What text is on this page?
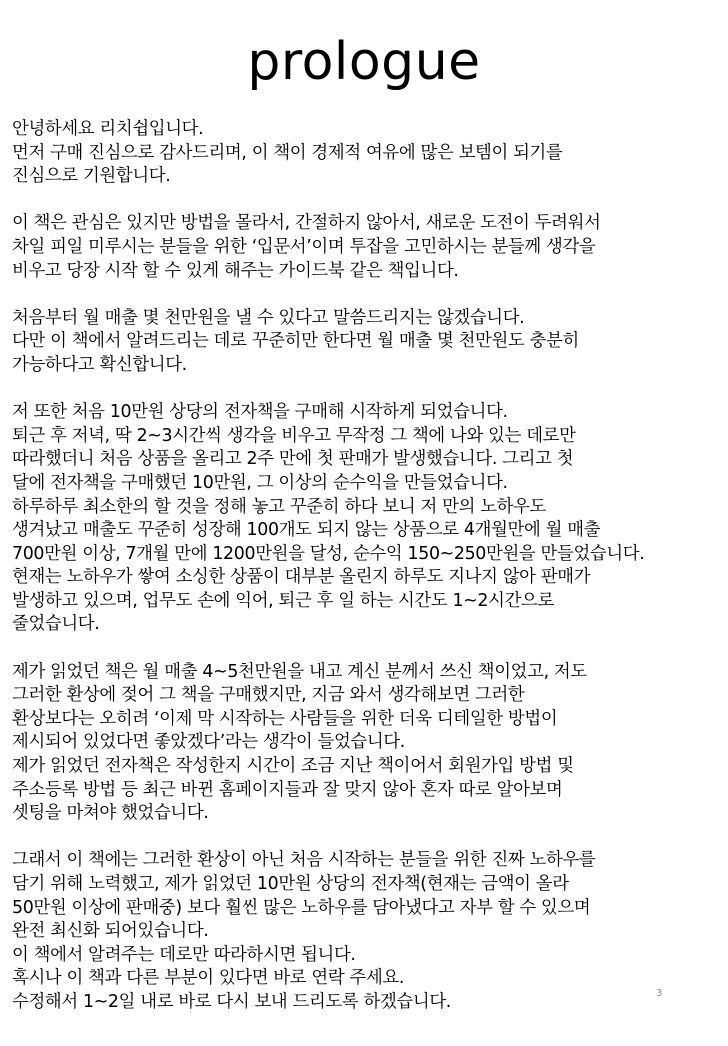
prologue
안녕하세요 리치쉽입니다.
먼저 구매 진심으로 감사드리며, 이 책이 경제적 여유에 많은 보템이 되기를
진심으로 기원합니다.
이 책은 관심은 있지만 방법을 몰라서, 간절하지 않아서, 새로운 도전이 두려워서
차일 피일 미루시는 분들을 위한 ‘입문서’이며 투잡을 고민하시는 분들께 생각을
비우고 당장 시작 할 수 있게 해주는 가이드북 같은 책입니다.
처음부터 월 매출 몇 천만원을 낼 수 있다고 말씀드리지는 않겠습니다.
다만 이 책에서 알려드리는 데로 꾸준히만 한다면 월 매출 몇 천만원도 충분히
가능하다고 확신합니다.
저 또한 처음 10만원 상당의 전자책을 구매해 시작하게 되었습니다.
퇴근 후 저녁, 딱 2~3시간씩 생각을 비우고 무작정 그 책에 나와 있는 데로만
따라했더니 처음 상품을 올리고 2주 만에 첫 판매가 발생했습니다. 그리고 첫
달에 전자책을 구매했던 10만원, 그 이상의 순수익을 만들었습니다.
하루하루 최소한의 할 것을 정해 놓고 꾸준히 하다 보니 저 만의 노하우도
생겨났고 매출도 꾸준히 성장해 100개도 되지 않는 상품으로 4개월만에 월 매출
700만원 이상, 7개월 만에 1200만원을 달성, 순수익 150~250만원을 만들었습니다.
현재는 노하우가 쌓여 소싱한 상품이 대부분 올린지 하루도 지나지 않아 판매가
발생하고 있으며, 업무도 손에 익어, 퇴근 후 일 하는 시간도 1~2시간으로
줄었습니다.
제가 읽었던 책은 월 매출 4~5천만원을 내고 계신 분께서 쓰신 책이었고, 저도
그러한 환상에 젖어 그 책을 구매했지만, 지금 와서 생각해보면 그러한
환상보다는 오히려 ‘이제 막 시작하는 사람들을 위한 더욱 디테일한 방법이
제시되어 있었다면 좋았겠다’라는 생각이 들었습니다.
제가 읽었던 전자책은 작성한지 시간이 조금 지난 책이어서 회원가입 방법 및
주소등록 방법 등 최근 바뀐 홈페이지들과 잘 맞지 않아 혼자 따로 알아보며
셋팅을 마쳐야 했었습니다.
그래서 이 책에는 그러한 환상이 아닌 처음 시작하는 분들을 위한 진짜 노하우를
담기 위해 노력했고, 제가 읽었던 10만원 상당의 전자책(현재는 금액이 올라
50만원 이상에 판매중) 보다 훨씬 많은 노하우를 담아냈다고 자부 할 수 있으며
완전 최신화 되어있습니다.
이 책에서 알려주는 데로만 따라하시면 됩니다.
혹시나 이 책과 다른 부분이 있다면 바로 연락 주세요.
수정해서 1~2일 내로 바로 다시 보내 드리도록 하겠습니다.	3
